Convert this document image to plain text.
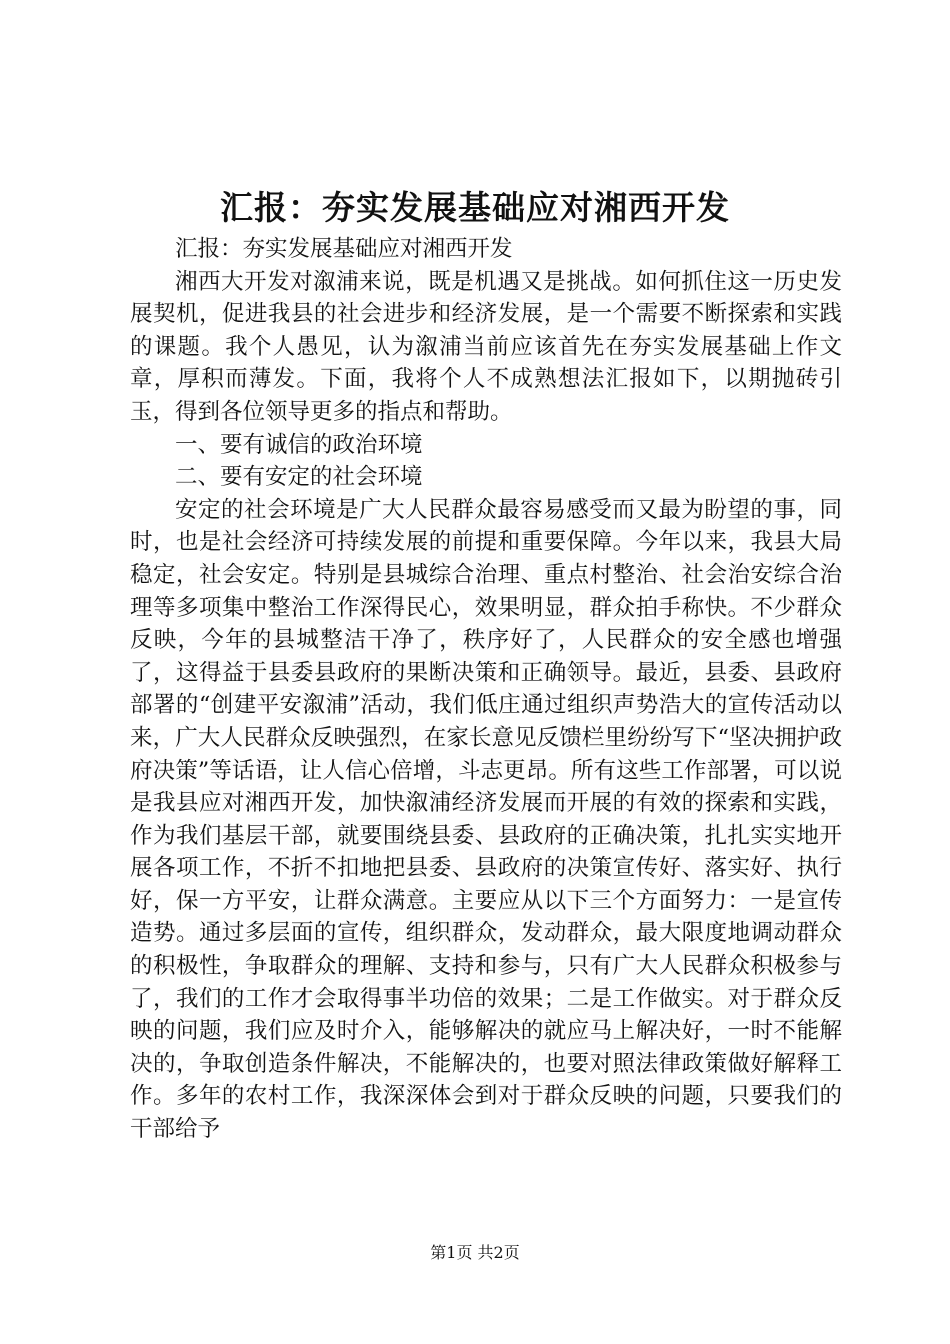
汇报：夯实发展基础应对湘西开发

汇报：夯实发展基础应对湘西开发

湘西大开发对溆浦来说，既是机遇又是挑战。如何抓住这一历史发展契机，促进我县的社会进步和经济发展，是一个需要不断探索和实践的课题。我个人愚见，认为溆浦当前应该首先在夯实发展基础上作文章，厚积而薄发。下面，我将个人不成熟想法汇报如下，以期抛砖引玉，得到各位领导更多的指点和帮助。

一、要有诚信的政治环境

二、要有安定的社会环境

安定的社会环境是广大人民群众最容易感受而又最为盼望的事，同时，也是社会经济可持续发展的前提和重要保障。今年以来，我县大局稳定，社会安定。特别是县城综合治理、重点村整治、社会治安综合治理等多项集中整治工作深得民心，效果明显，群众拍手称快。不少群众反映，今年的县城整洁干净了，秩序好了，人民群众的安全感也增强了，这得益于县委县政府的果断决策和正确领导。最近，县委、县政府部署的“创建平安溆浦”活动，我们低庄通过组织声势浩大的宣传活动以来，广大人民群众反映强烈，在家长意见反馈栏里纷纷写下“坚决拥护政府决策”等话语，让人信心倍增，斗志更昂。所有这些工作部署，可以说是我县应对湘西开发，加快溆浦经济发展而开展的有效的探索和实践，作为我们基层干部，就要围绕县委、县政府的正确决策，扎扎实实地开展各项工作，不折不扣地把县委、县政府的决策宣传好、落实好、执行好，保一方平安，让群众满意。主要应从以下三个方面努力：一是宣传造势。通过多层面的宣传，组织群众，发动群众，最大限度地调动群众的积极性，争取群众的理解、支持和参与，只有广大人民群众积极参与了，我们的工作才会取得事半功倍的效果；二是工作做实。对于群众反映的问题，我们应及时介入，能够解决的就应马上解决好，一时不能解决的，争取创造条件解决，不能解决的，也要对照法律政策做好解释工作。多年的农村工作，我深深体会到对于群众反映的问题，只要我们的干部给予

第1页 共2页
